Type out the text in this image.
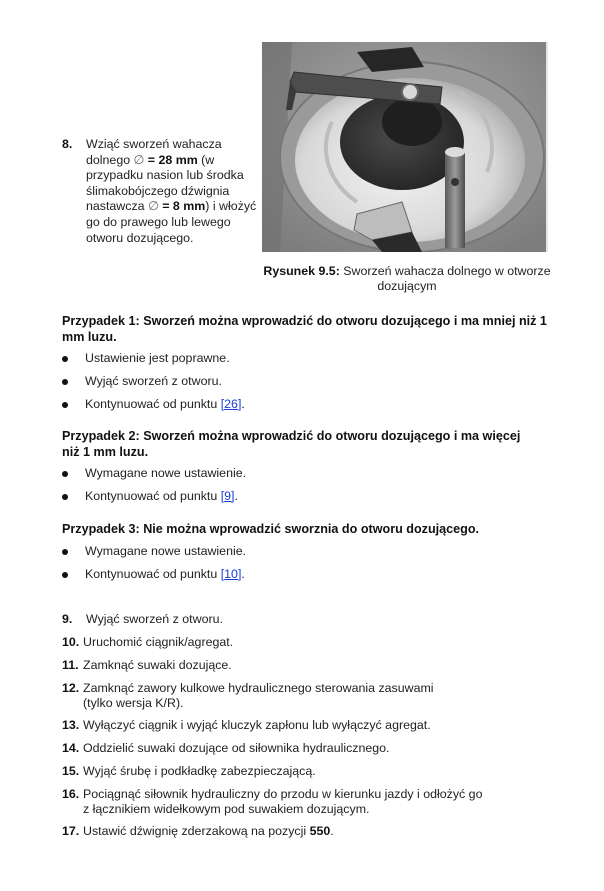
8. Wziąć sworzeń wahacza dolnego ∅ = 28 mm (w przypadku nasion lub środka ślimakobójczego dźwignia nastawcza ∅ = 8 mm) i włożyć go do prawego lub lewego otworu dozującego.
Rysunek 9.5: Sworzeń wahacza dolnego w otworze dozującym
Przypadek 1: Sworzeń można wprowadzić do otworu dozującego i ma mniej niż 1 mm luzu.
Ustawienie jest poprawne.
Wyjąć sworzeń z otworu.
Kontynuować od punktu [26].
Przypadek 2: Sworzeń można wprowadzić do otworu dozującego i ma więcej niż 1 mm luzu.
Wymagane nowe ustawienie.
Kontynuować od punktu [9].
Przypadek 3: Nie można wprowadzić sworznia do otworu dozującego.
Wymagane nowe ustawienie.
Kontynuować od punktu [10].
9. Wyjąć sworzeń z otworu.
10. Uruchomić ciągnik/agregat.
11. Zamknąć suwaki dozujące.
12. Zamknąć zawory kulkowe hydraulicznego sterowania zasuwami
(tylko wersja K/R).
13. Wyłączyć ciągnik i wyjąć kluczyk zapłonu lub wyłączyć agregat.
14. Oddzielić suwaki dozujące od siłownika hydraulicznego.
15. Wyjąć śrubę i podkładkę zabezpieczającą.
16. Pociągnąć siłownik hydrauliczny do przodu w kierunku jazdy i odłożyć go
z łącznikiem widełkowym pod suwakiem dozującym.
17. Ustawić dźwignię zderzakową na pozycji 550.
